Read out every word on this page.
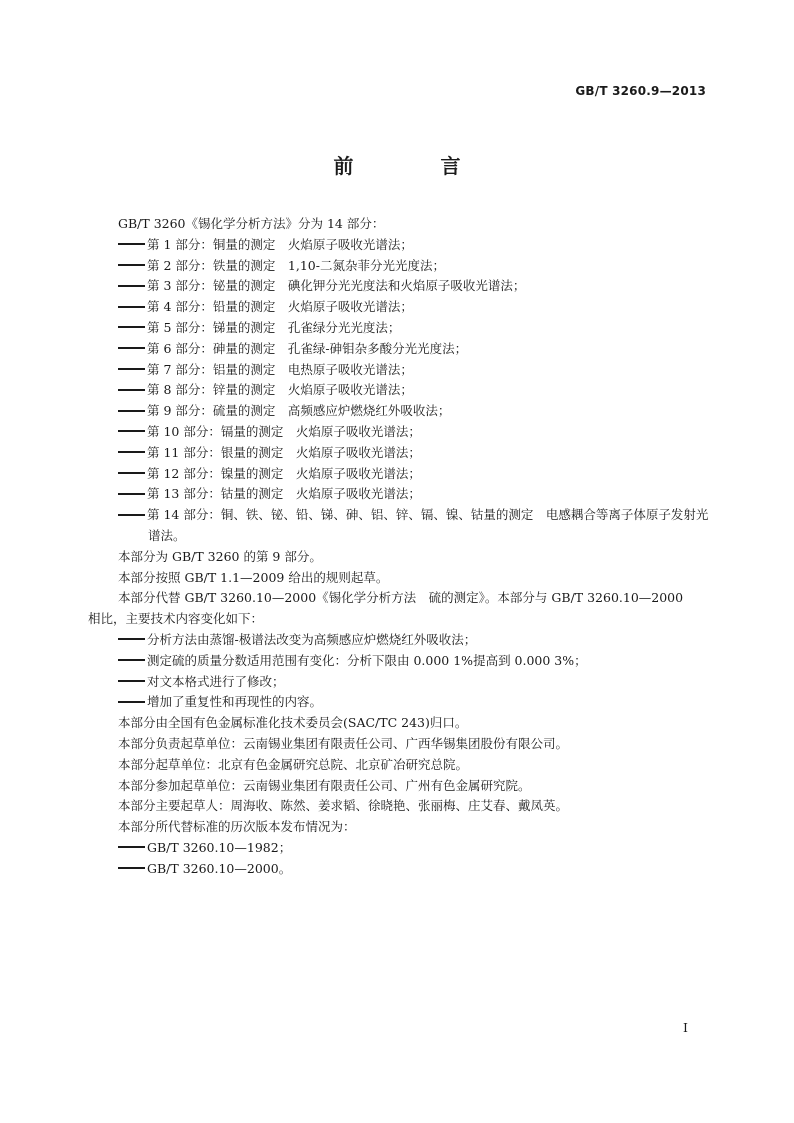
GB/T 3260.9—2013
前 言
GB/T 3260《锡化学分析方法》分为 14 部分：
第 1 部分：铜量的测定　火焰原子吸收光谱法；
第 2 部分：铁量的测定　1,10-二氮杂菲分光光度法；
第 3 部分：铋量的测定　碘化钾分光光度法和火焰原子吸收光谱法；
第 4 部分：铅量的测定　火焰原子吸收光谱法；
第 5 部分：锑量的测定　孔雀绿分光光度法；
第 6 部分：砷量的测定　孔雀绿-砷钼杂多酸分光光度法；
第 7 部分：铝量的测定　电热原子吸收光谱法；
第 8 部分：锌量的测定　火焰原子吸收光谱法；
第 9 部分：硫量的测定　高频感应炉燃烧红外吸收法；
第 10 部分：镉量的测定　火焰原子吸收光谱法；
第 11 部分：银量的测定　火焰原子吸收光谱法；
第 12 部分：镍量的测定　火焰原子吸收光谱法；
第 13 部分：钴量的测定　火焰原子吸收光谱法；
第 14 部分：铜、铁、铋、铅、锑、砷、铝、锌、镉、镍、钴量的测定　电感耦合等离子体原子发射光
谱法。
本部分为 GB/T 3260 的第 9 部分。
本部分按照 GB/T 1.1—2009 给出的规则起草。
本部分代替 GB/T 3260.10—2000《锡化学分析方法　硫的测定》。本部分与 GB/T 3260.10—2000
相比，主要技术内容变化如下：
分析方法由蒸馏-极谱法改变为高频感应炉燃烧红外吸收法；
测定硫的质量分数适用范围有变化：分析下限由 0.000 1%提高到 0.000 3%；
对文本格式进行了修改；
增加了重复性和再现性的内容。
本部分由全国有色金属标准化技术委员会(SAC/TC 243)归口。
本部分负责起草单位：云南锡业集团有限责任公司、广西华锡集团股份有限公司。
本部分起草单位：北京有色金属研究总院、北京矿冶研究总院。
本部分参加起草单位：云南锡业集团有限责任公司、广州有色金属研究院。
本部分主要起草人：周海收、陈然、姜求韬、徐晓艳、张丽梅、庄艾春、戴凤英。
本部分所代替标准的历次版本发布情况为：
GB/T 3260.10—1982；
GB/T 3260.10—2000。
I
